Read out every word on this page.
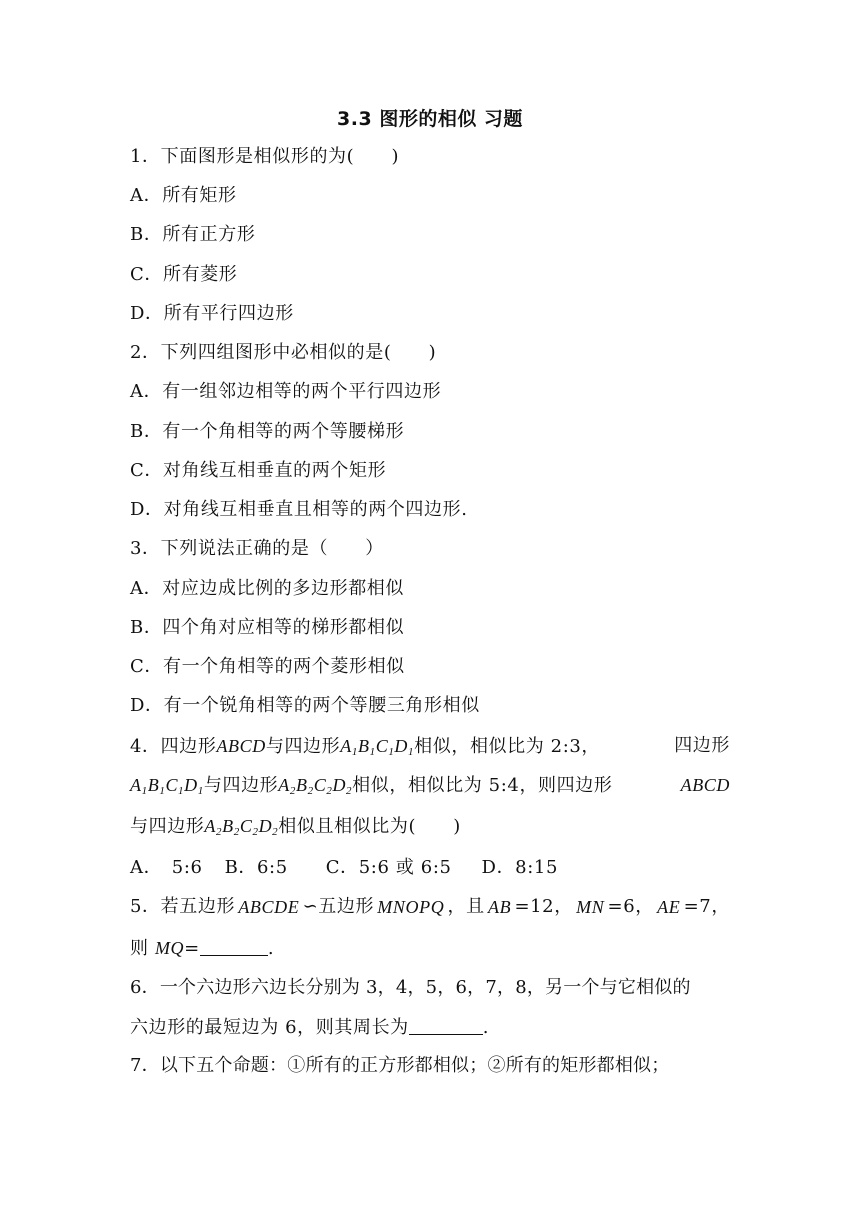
3.3 图形的相似 习题
1．下面图形是相似形的为(　　)
A．所有矩形
B．所有正方形
C．所有菱形
D．所有平行四边形
2．下列四组图形中必相似的是(　　)
A．有一组邻边相等的两个平行四边形
B．有一个角相等的两个等腰梯形
C．对角线互相垂直的两个矩形
D．对角线互相垂直且相等的两个四边形.
3．下列说法正确的是（　　）
A．对应边成比例的多边形都相似
B．四个角对应相等的梯形都相似
C．有一个角相等的两个菱形相似
D．有一个锐角相等的两个等腰三角形相似
4．四边形ABCD与四边形$A_1B_1C_1D_1$相似，相似比为 2:3，	四边形
$A_1B_1C_1D_1$与四边形$A_2B_2C_2D_2$相似，相似比为 5:4，则四边形	ABCD
与四边形$A_2B_2C_2D_2$相似且相似比为(　　)
A．　5:6 B．6:5 C．5:6 或 6:5 D．8:15
5．若五边形 ABCDE ∽五边形 MNOPQ ，且 AB =12， MN =6， AE =7，
则 MQ=	.
6．一个六边形六边长分别为 3，4，5，6，7，8，另一个与它相似的
六边形的最短边为 6，则其周长为	.
7．以下五个命题：①所有的正方形都相似；②所有的矩形都相似；
